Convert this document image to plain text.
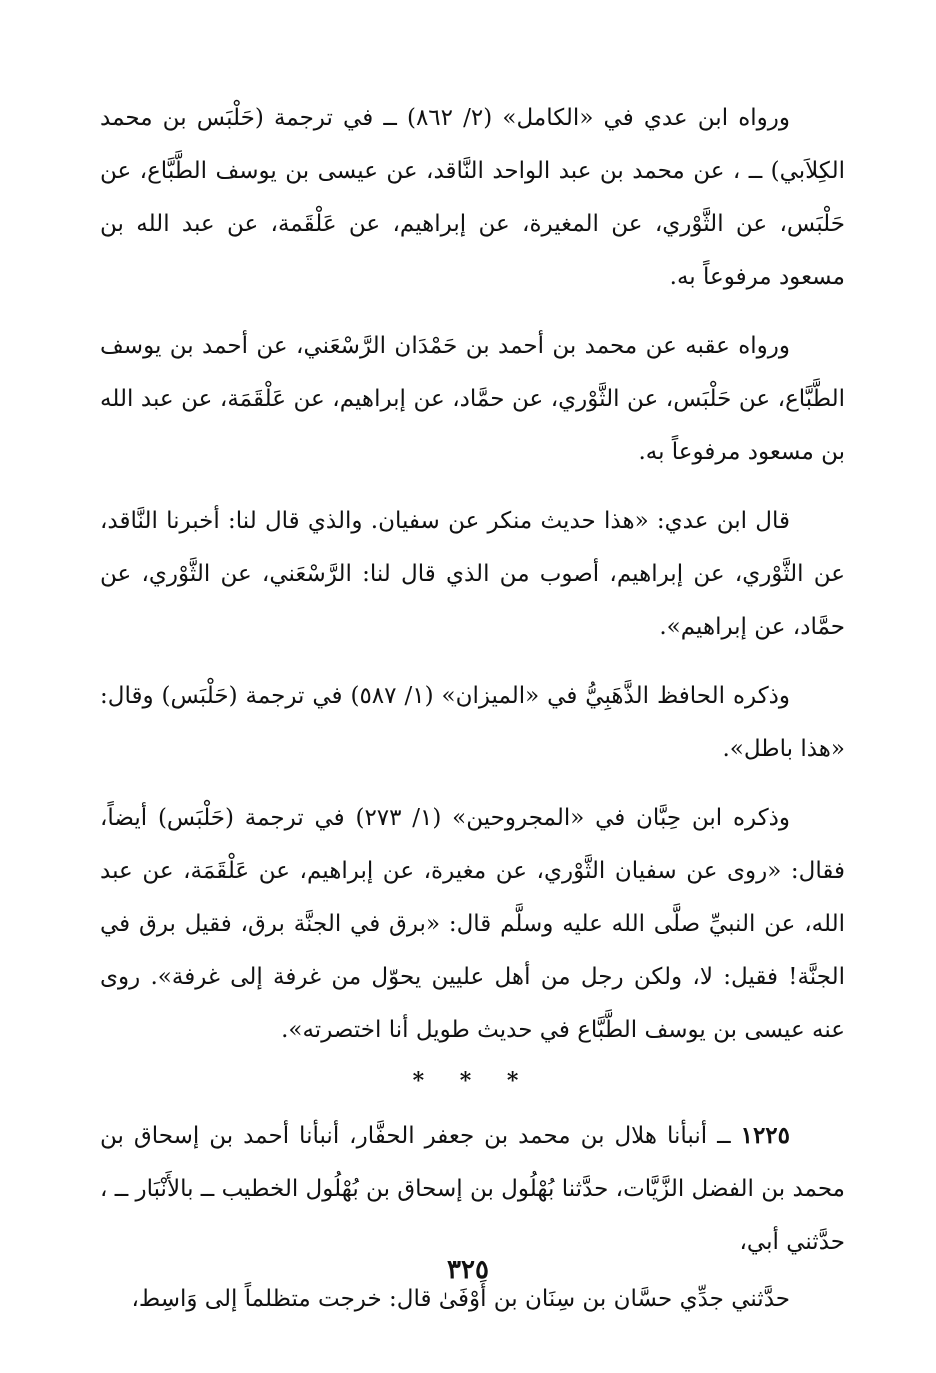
ورواه ابن عدي في «الكامل» (٢/ ٨٦٢) ــ في ترجمة (حَلْبَس بن محمد الكِلاَبي) ــ ، عن محمد بن عبد الواحد النَّاقد، عن عيسى بن يوسف الطَّبَّاع، عن حَلْبَس، عن الثَّوْري، عن المغيرة، عن إبراهيم، عن عَلْقَمة، عن عبد الله بن مسعود مرفوعاً به.

ورواه عقبه عن محمد بن أحمد بن حَمْدَان الرَّسْعَني، عن أحمد بن يوسف الطَّبَّاع، عن حَلْبَس، عن الثَّوْري، عن حمَّاد، عن إبراهيم، عن عَلْقَمَة، عن عبد الله بن مسعود مرفوعاً به.

قال ابن عدي: «هذا حديث منكر عن سفيان. والذي قال لنا: أخبرنا النَّاقد، عن الثَّوْري، عن إبراهيم، أصوب من الذي قال لنا: الرَّسْعَني، عن الثَّوْري، عن حمَّاد، عن إبراهيم».

وذكره الحافظ الذَّهَبِيُّ في «الميزان» (١/ ٥٨٧) في ترجمة (حَلْبَس) وقال: «هذا باطل».

وذكره ابن حِبَّان في «المجروحين» (١/ ٢٧٣) في ترجمة (حَلْبَس) أيضاً، فقال: «روى عن سفيان الثَّوْري، عن مغيرة، عن إبراهيم، عن عَلْقَمَة، عن عبد الله، عن النبيِّ صلَّى الله عليه وسلَّم قال: «برق في الجنَّة برق، فقيل برق في الجنَّة! فقيل: لا، ولكن رجل من أهل عليين يحوّل من غرفة إلى غرفة». روى عنه عيسى بن يوسف الطَّبَّاع في حديث طويل أنا اختصرته».

* * *

١٢٢٥ ــ أنبأنا هلال بن محمد بن جعفر الحفَّار، أنبأنا أحمد بن إسحاق بن محمد بن الفضل الزَّيَّات، حدَّثنا بُهْلُول بن إسحاق بن بُهْلُول الخطيب ــ بالأَنْبَار ــ ، حدَّثني أبي،

حدَّثني جدِّي حسَّان بن سِنَان بن أَوْفَىٰ قال: خرجت متظلماً إلى وَاسِط،

٣٢٥
